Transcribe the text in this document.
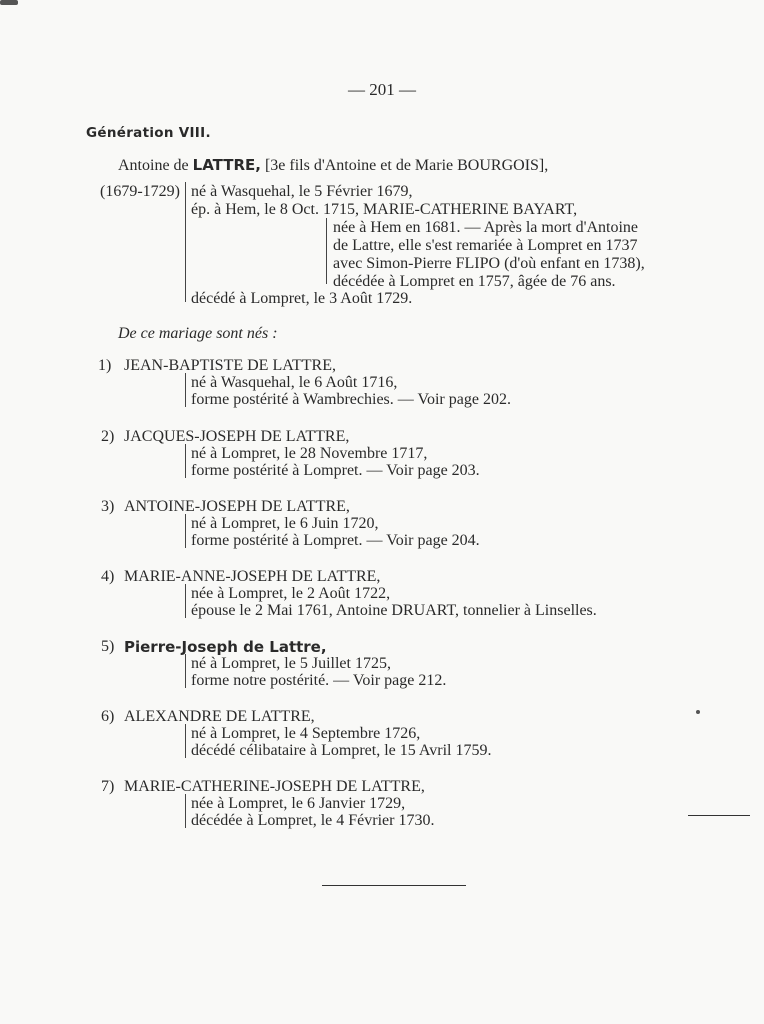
— 201 —
Génération VIII.
Antoine de LATTRE, [3e fils d'Antoine et de Marie BOURGOIS],
(1679-1729) né à Wasquehal, le 5 Février 1679,
ép. à Hem, le 8 Oct. 1715, MARIE-CATHERINE BAYART,
née à Hem en 1681. — Après la mort d'Antoine
de Lattre, elle s'est remariée à Lompret en 1737
avec Simon-Pierre FLIPO (d'où enfant en 1738),
décédée à Lompret en 1757, âgée de 76 ans.
décédé à Lompret, le 3 Août 1729.
De ce mariage sont nés :
1) JEAN-BAPTISTE DE LATTRE,
né à Wasquehal, le 6 Août 1716,
forme postérité à Wambrechies. — Voir page 202.
2) JACQUES-JOSEPH DE LATTRE,
né à Lompret, le 28 Novembre 1717,
forme postérité à Lompret. — Voir page 203.
3) ANTOINE-JOSEPH DE LATTRE,
né à Lompret, le 6 Juin 1720,
forme postérité à Lompret. — Voir page 204.
4) MARIE-ANNE-JOSEPH DE LATTRE,
née à Lompret, le 2 Août 1722,
épouse le 2 Mai 1761, Antoine DRUART, tonnelier à Linselles.
5) Pierre-Joseph de Lattre,
né à Lompret, le 5 Juillet 1725,
forme notre postérité. — Voir page 212.
6) ALEXANDRE DE LATTRE,
né à Lompret, le 4 Septembre 1726,
décédé célibataire à Lompret, le 15 Avril 1759.
7) MARIE-CATHERINE-JOSEPH DE LATTRE,
née à Lompret, le 6 Janvier 1729,
décédée à Lompret, le 4 Février 1730.
